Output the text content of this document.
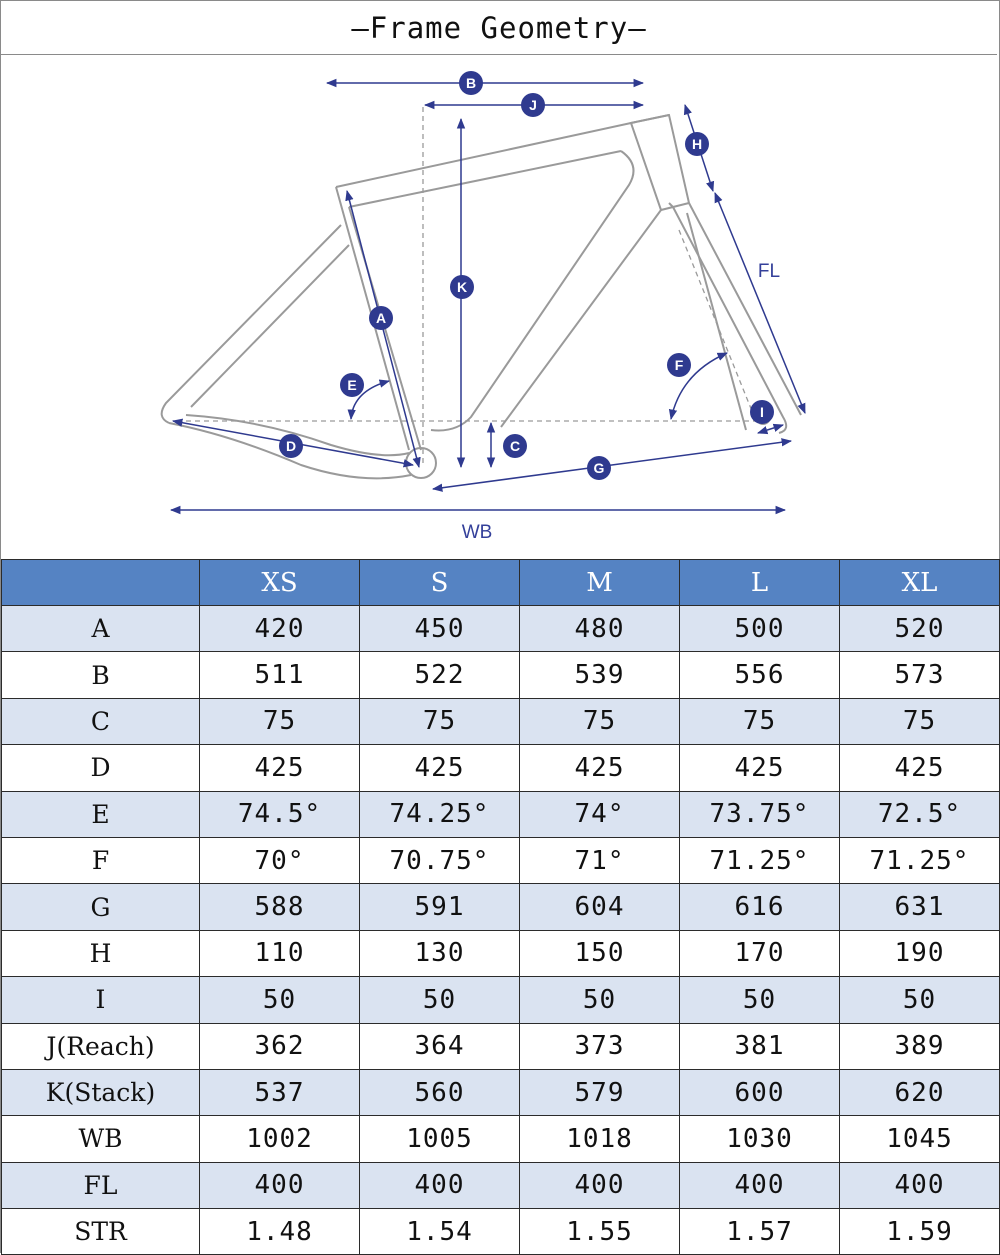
—Frame Geometry—
B
J
H
K
A
E
F
I
D	C
G
FL
WB
	XS	S	M	L	XL
A	420	450	480	500	520
B	511	522	539	556	573
C	75	75	75	75	75
D	425	425	425	425	425
E	74.5°	74.25°	74°	73.75°	72.5°
F	70°	70.75°	71°	71.25°	71.25°
G	588	591	604	616	631
H	110	130	150	170	190
I	50	50	50	50	50
J(Reach)	362	364	373	381	389
K(Stack)	537	560	579	600	620
WB	1002	1005	1018	1030	1045
FL	400	400	400	400	400
STR	1.48	1.54	1.55	1.57	1.59
